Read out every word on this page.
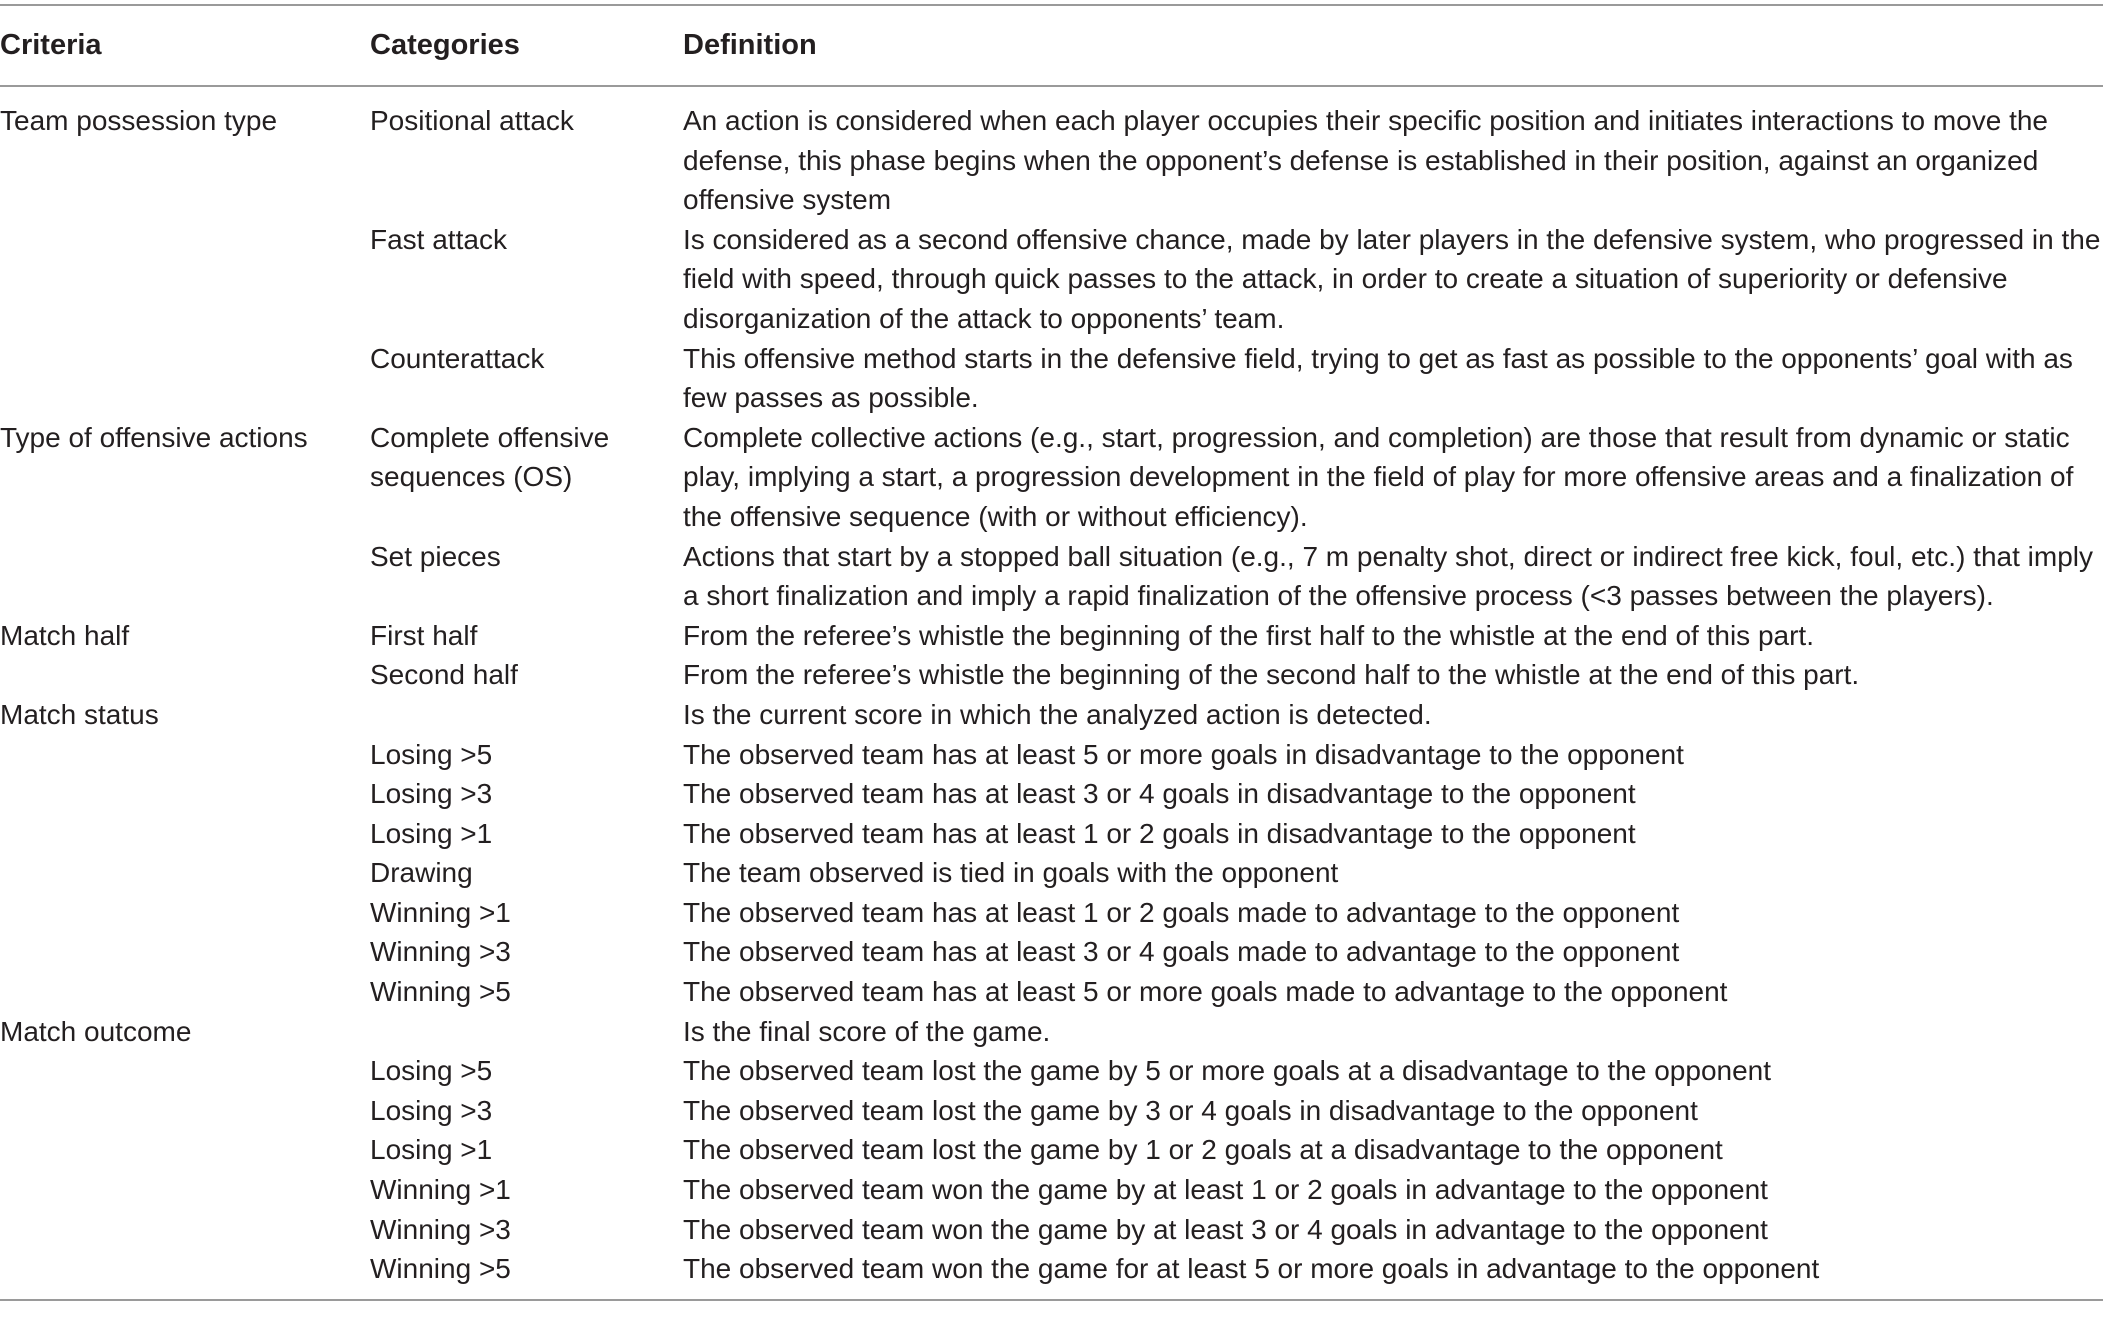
Criteria	Categories	Definition
Team possession type	Positional attack	An action is considered when each player occupies their specific position and initiates interactions to move the defense, this phase begins when the opponent’s defense is established in their position, against an organized offensive system
	Fast attack	Is considered as a second offensive chance, made by later players in the defensive system, who progressed in the field with speed, through quick passes to the attack, in order to create a situation of superiority or defensive disorganization of the attack to opponents’ team.
	Counterattack	This offensive method starts in the defensive field, trying to get as fast as possible to the opponents’ goal with as few passes as possible.
Type of offensive actions	Complete offensive sequences (OS)	Complete collective actions (e.g., start, progression, and completion) are those that result from dynamic or static play, implying a start, a progression development in the field of play for more offensive areas and a finalization of the offensive sequence (with or without efficiency).
	Set pieces	Actions that start by a stopped ball situation (e.g., 7 m penalty shot, direct or indirect free kick, foul, etc.) that imply a short finalization and imply a rapid finalization of the offensive process (<3 passes between the players).
Match half	First half	From the referee’s whistle the beginning of the first half to the whistle at the end of this part.
	Second half	From the referee’s whistle the beginning of the second half to the whistle at the end of this part.
Match status		Is the current score in which the analyzed action is detected.
	Losing >5	The observed team has at least 5 or more goals in disadvantage to the opponent
	Losing >3	The observed team has at least 3 or 4 goals in disadvantage to the opponent
	Losing >1	The observed team has at least 1 or 2 goals in disadvantage to the opponent
	Drawing	The team observed is tied in goals with the opponent
	Winning >1	The observed team has at least 1 or 2 goals made to advantage to the opponent
	Winning >3	The observed team has at least 3 or 4 goals made to advantage to the opponent
	Winning >5	The observed team has at least 5 or more goals made to advantage to the opponent
Match outcome		Is the final score of the game.
	Losing >5	The observed team lost the game by 5 or more goals at a disadvantage to the opponent
	Losing >3	The observed team lost the game by 3 or 4 goals in disadvantage to the opponent
	Losing >1	The observed team lost the game by 1 or 2 goals at a disadvantage to the opponent
	Winning >1	The observed team won the game by at least 1 or 2 goals in advantage to the opponent
	Winning >3	The observed team won the game by at least 3 or 4 goals in advantage to the opponent
	Winning >5	The observed team won the game for at least 5 or more goals in advantage to the opponent
